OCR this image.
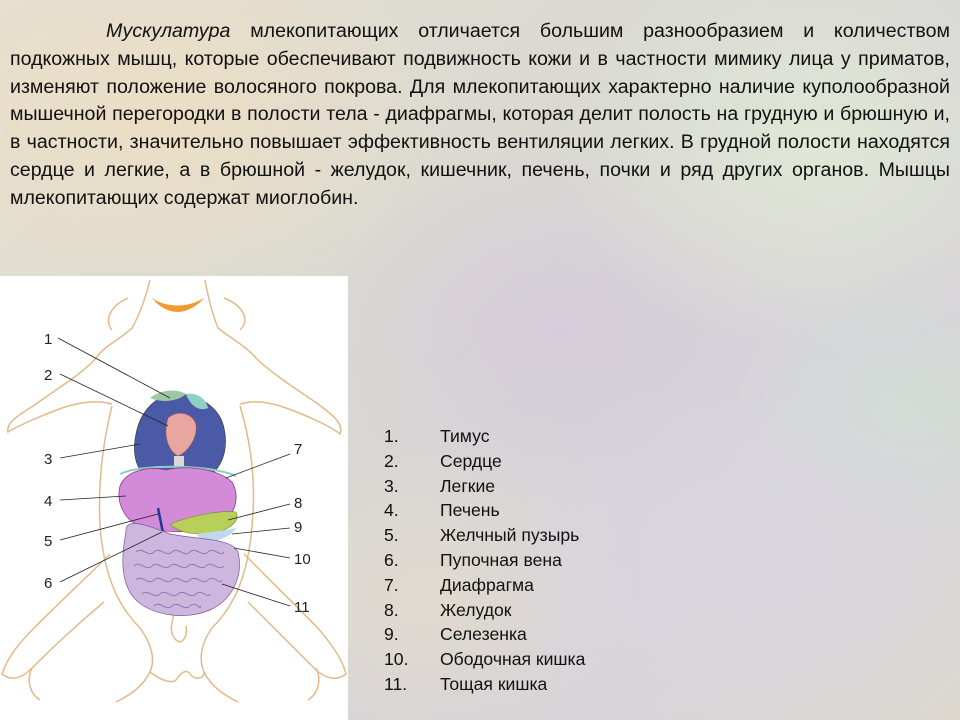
Мускулатура млекопитающих отличается большим разнообразием и количеством подкожных мышц, которые обеспечивают подвижность кожи и в частности мимику лица у приматов, изменяют положение волосяного покрова. Для млекопитающих характерно наличие куполообразной мышечной перегородки в полости тела - диафрагмы, которая делит полость на грудную и брюшную и, в частности, значительно повышает эффективность вентиляции легких. В грудной полости находятся сердце и легкие, а в брюшной - желудок, кишечник, печень, почки и ряд других органов. Мышцы млекопитающих содержат миоглобин.

1
2
3
4
5
6
7
8
9
10
11
1. Тимус
2. Сердце
3. Легкие
4.Печень
5.Желчный пузырь
6.Пупочная вена
7. Диафрагма
8. Желудок
9.Селезенка
10.Ободочная кишка
11.Тощая кишка
